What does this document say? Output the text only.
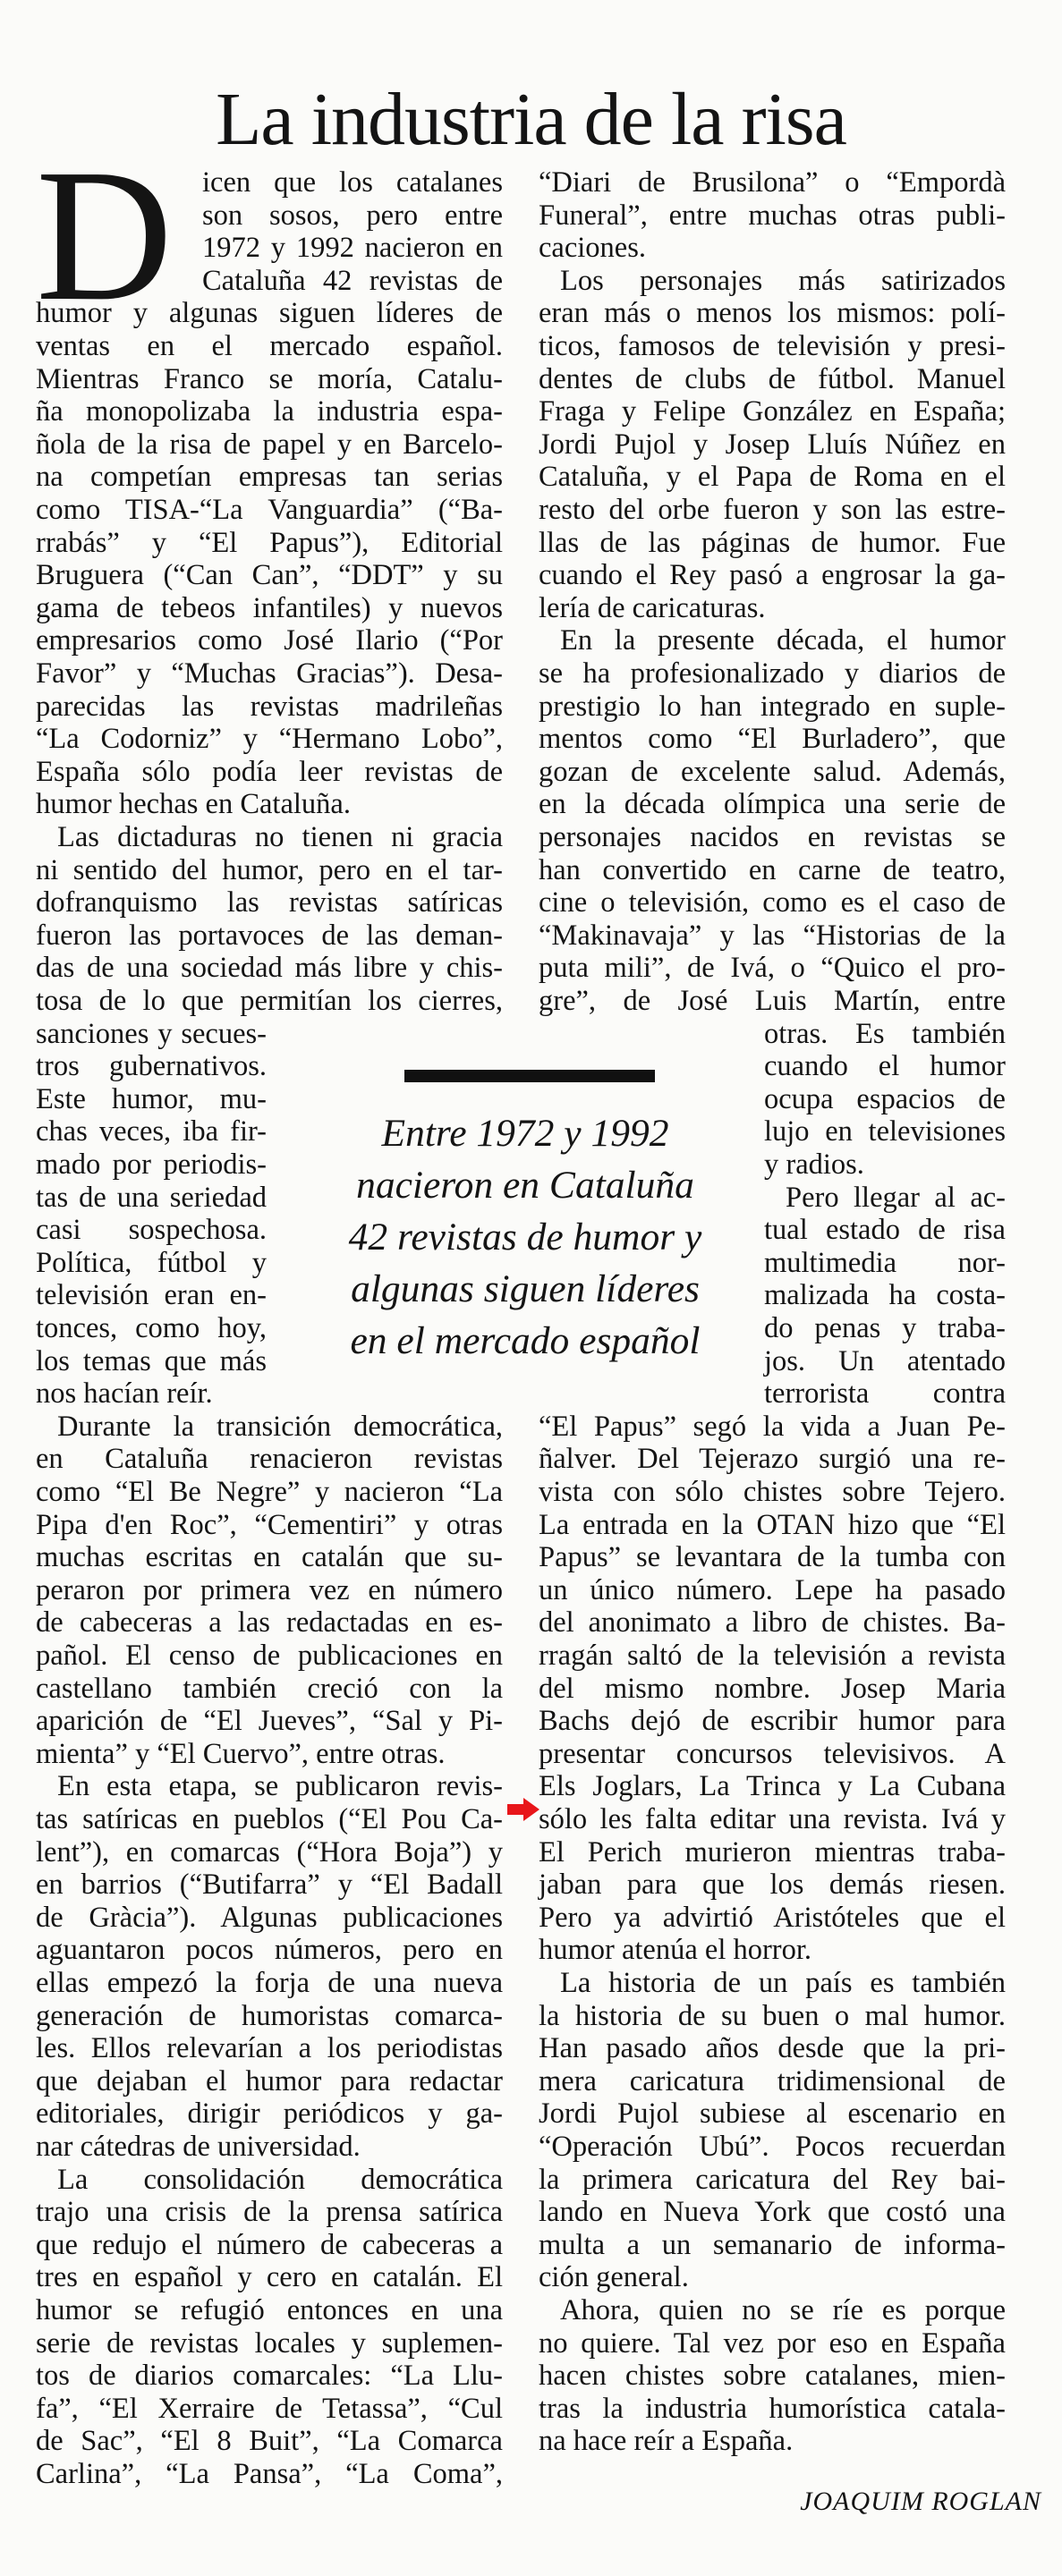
La industria de la risa
D	icen que los catalanes
son sosos, pero entre
1972 y 1992 nacieron en
Cataluña 42 revistas de
humor y algunas siguen líderes de
ventas en el mercado español.
Mientras Franco se moría, Catalu-
ña monopolizaba la industria espa-
ñola de la risa de papel y en Barcelo-
na competían empresas tan serias
como TISA-“La Vanguardia” (“Ba-
rrabás” y “El Papus”), Editorial
Bruguera (“Can Can”, “DDT” y su
gama de tebeos infantiles) y nuevos
empresarios como José Ilario (“Por
Favor” y “Muchas Gracias”). Desa-
parecidas las revistas madrileñas
“La Codorniz” y “Hermano Lobo”,
España sólo podía leer revistas de
humor hechas en Cataluña.
Las dictaduras no tienen ni gracia
ni sentido del humor, pero en el tar-
dofranquismo las revistas satíricas
fueron las portavoces de las deman-
das de una sociedad más libre y chis-
tosa de lo que permitían los cierres,
sanciones y secues-
tros gubernativos.
Este humor, mu-
chas veces, iba fir-
mado por periodis-
tas de una seriedad
casi sospechosa.
Política, fútbol y
televisión eran en-
tonces, como hoy,
los temas que más
nos hacían reír.
Durante la transición democrática,
en Cataluña renacieron revistas
como “El Be Negre” y nacieron “La
Pipa d'en Roc”, “Cementiri” y otras
muchas escritas en catalán que su-
peraron por primera vez en número
de cabeceras a las redactadas en es-
pañol. El censo de publicaciones en
castellano también creció con la
aparición de “El Jueves”, “Sal y Pi-
mienta” y “El Cuervo”, entre otras.
En esta etapa, se publicaron revis-
tas satíricas en pueblos (“El Pou Ca-
lent”), en comarcas (“Hora Boja”) y
en barrios (“Butifarra” y “El Badall
de Gràcia”). Algunas publicaciones
aguantaron pocos números, pero en
ellas empezó la forja de una nueva
generación de humoristas comarca-
les. Ellos relevarían a los periodistas
que dejaban el humor para redactar
editoriales, dirigir periódicos y ga-
nar cátedras de universidad.
La consolidación democrática
trajo una crisis de la prensa satírica
que redujo el número de cabeceras a
tres en español y cero en catalán. El
humor se refugió entonces en una
serie de revistas locales y suplemen-
tos de diarios comarcales: “La Llu-
fa”, “El Xerraire de Tetassa”, “Cul
de Sac”, “El 8 Buit”, “La Comarca
Carlina”, “La Pansa”, “La Coma”,
“Diari de Brusilona” o “Empordà
Funeral”, entre muchas otras publi-
caciones.
Los personajes más satirizados
eran más o menos los mismos: polí-
ticos, famosos de televisión y presi-
dentes de clubs de fútbol. Manuel
Fraga y Felipe González en España;
Jordi Pujol y Josep Lluís Núñez en
Cataluña, y el Papa de Roma en el
resto del orbe fueron y son las estre-
llas de las páginas de humor. Fue
cuando el Rey pasó a engrosar la ga-
lería de caricaturas.
En la presente década, el humor
se ha profesionalizado y diarios de
prestigio lo han integrado en suple-
mentos como “El Burladero”, que
gozan de excelente salud. Además,
en la década olímpica una serie de
personajes nacidos en revistas se
han convertido en carne de teatro,
cine o televisión, como es el caso de
“Makinavaja” y las “Historias de la
puta mili”, de Ivá, o “Quico el pro-
gre”, de José Luis Martín, entre
otras. Es también
cuando el humor
ocupa espacios de
lujo en televisiones
y radios.
Pero llegar al ac-
tual estado de risa
multimedia nor-
malizada ha costa-
do penas y traba-
jos. Un atentado
terrorista contra
“El Papus” segó la vida a Juan Pe-
ñalver. Del Tejerazo surgió una re-
vista con sólo chistes sobre Tejero.
La entrada en la OTAN hizo que “El
Papus” se levantara de la tumba con
un único número. Lepe ha pasado
del anonimato a libro de chistes. Ba-
rragán saltó de la televisión a revista
del mismo nombre. Josep Maria
Bachs dejó de escribir humor para
presentar concursos televisivos. A
Els Joglars, La Trinca y La Cubana
sólo les falta editar una revista. Ivá y
El Perich murieron mientras traba-
jaban para que los demás riesen.
Pero ya advirtió Aristóteles que el
humor atenúa el horror.
La historia de un país es también
la historia de su buen o mal humor.
Han pasado años desde que la pri-
mera caricatura tridimensional de
Jordi Pujol subiese al escenario en
“Operación Ubú”. Pocos recuerdan
la primera caricatura del Rey bai-
lando en Nueva York que costó una
multa a un semanario de informa-
ción general.
Ahora, quien no se ríe es porque
no quiere. Tal vez por eso en España
hacen chistes sobre catalanes, mien-
tras la industria humorística catala-
na hace reír a España.
Entre 1972 y 1992
nacieron en Cataluña
42 revistas de humor y
algunas siguen líderes
en el mercado español
JOAQUIM ROGLAN
